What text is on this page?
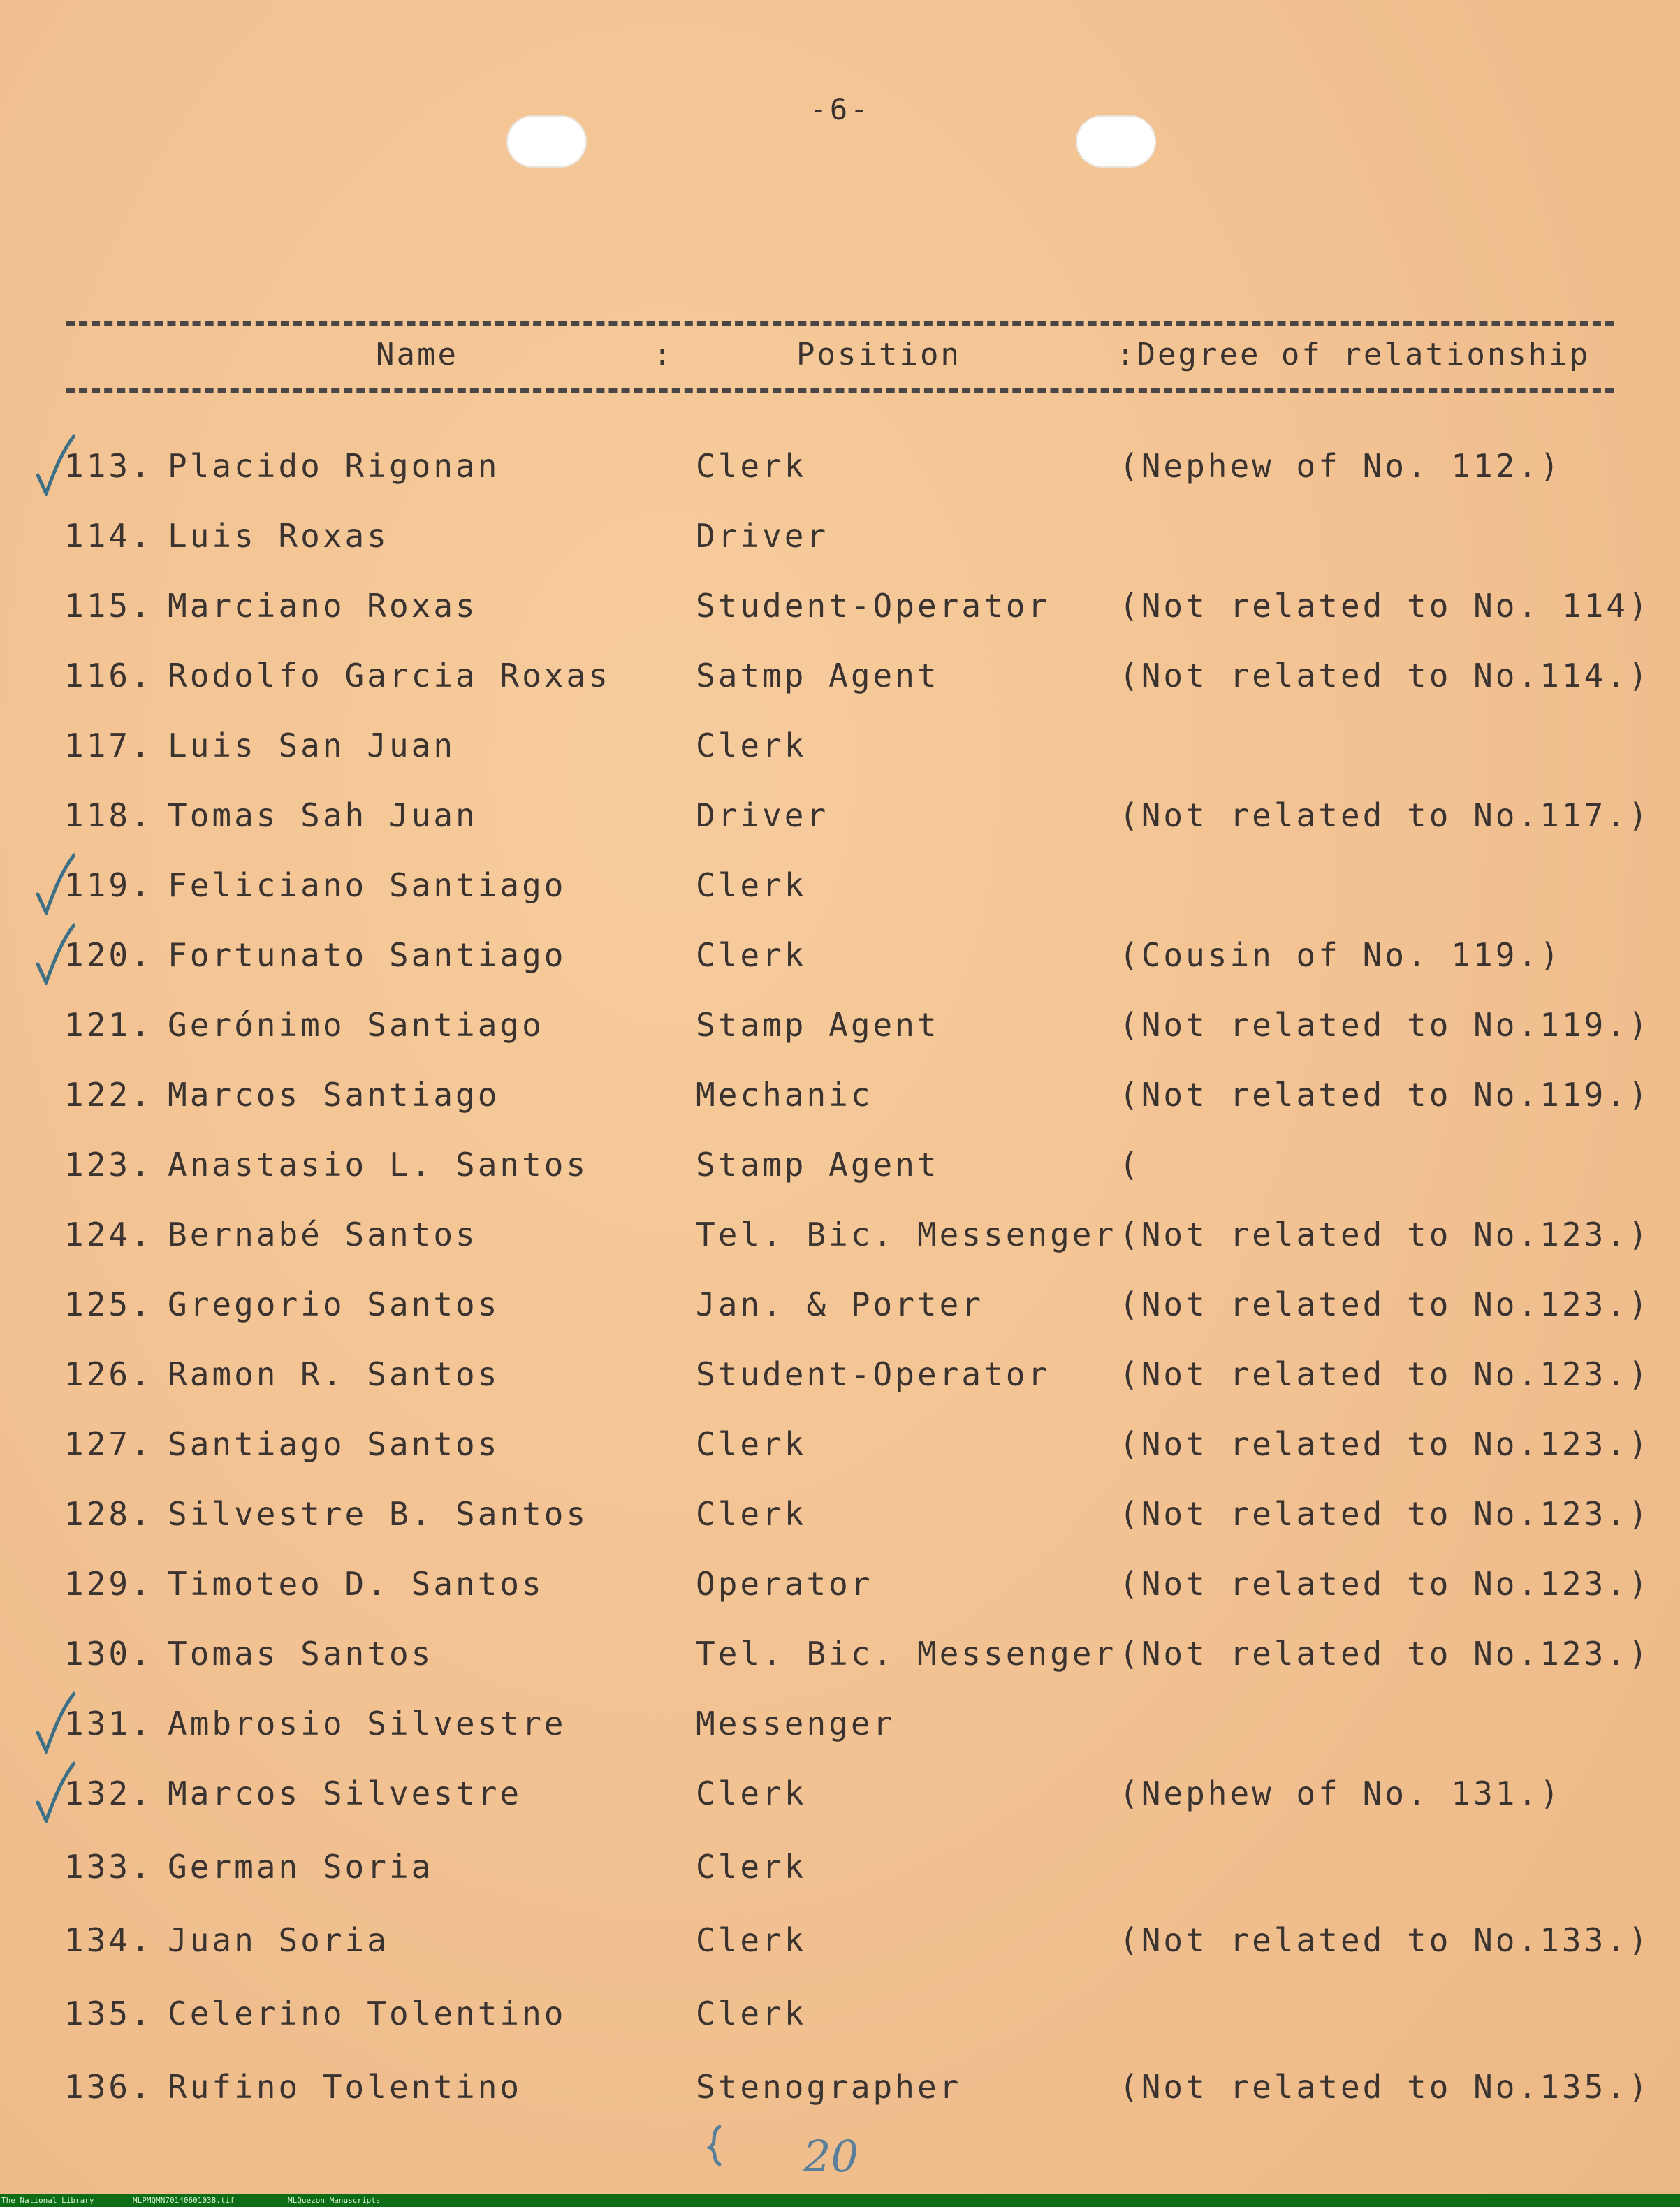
-6-
Name	:	Position	:Degree of relationship
113. Placido Rigonan	Clerk	(Nephew of No. 112.)
114. Luis Roxas	Driver
115. Marciano Roxas	Student-Operator (Not related to No. 114)
116. Rodolfo Garcia Roxas	Satmp Agent	(Not related to No.114.)
117. Luis San Juan	Clerk
118. Tomas Sah Juan	Driver	(Not related to No.117.)
119. Feliciano Santiago	Clerk
120. Fortunato Santiago	Clerk	(Cousin of No. 119.)
121. Gerónimo Santiago	Stamp Agent	(Not related to No.119.)
122. Marcos Santiago	Mechanic	(Not related to No.119.)
123. Anastasio L. Santos	Stamp Agent	(
124. Bernabé Santos	Tel. Bic. Messenger (Not related to No.123.)
125. Gregorio Santos	Jan. & Porter	(Not related to No.123.)
126. Ramon R. Santos	Student-Operator (Not related to No.123.)
127. Santiago Santos	Clerk	(Not related to No.123.)
128. Silvestre B. Santos	Clerk	(Not related to No.123.)
129. Timoteo D. Santos	Operator	(Not related to No.123.)
130. Tomas Santos	Tel. Bic. Messenger (Not related to No.123.)
131. Ambrosio Silvestre	Messenger
132. Marcos Silvestre	Clerk	(Nephew of No. 131.)
133. German Soria	Clerk
134. Juan Soria	Clerk	(Not related to No.133.)
135. Celerino Tolentino	Clerk
136. Rufino Tolentino	Stenographer	(Not related to No.135.)
20
The National Library	MLPMQMN70140601038.tif	MLQuezon Manuscripts
